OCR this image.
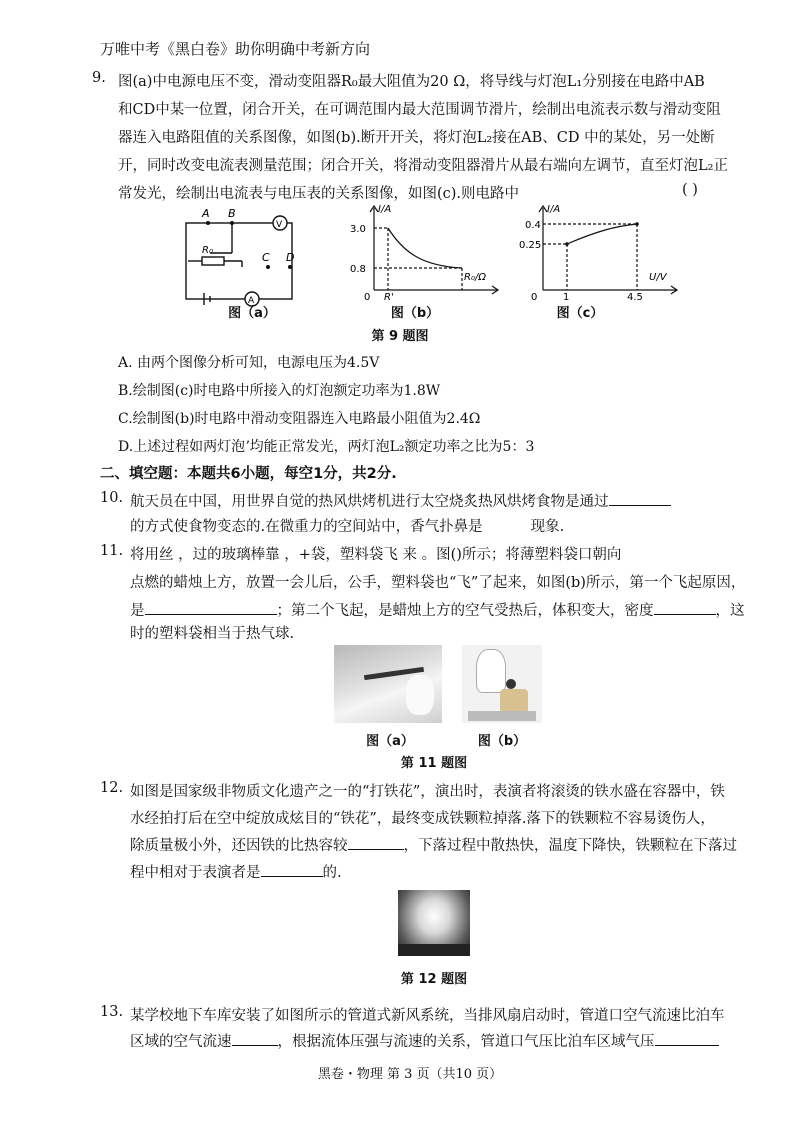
万唯中考《黑白卷》助你明确中考新方向
9. 图(a)中电源电压不变，滑动变阻器R₀最大阻值为20 Ω，将导线与灯泡L₁分别接在电路中AB
和CD中某一位置，闭合开关，在可调范围内最大范围调节滑片，绘制出电流表示数与滑动变阻
器连入电路阻值的关系图像，如图(b).断开开关，将灯泡L₂接在AB、CD 中的某处，另一处断
开，同时改变电流表测量范围；闭合开关，将滑动变阻器滑片从最右端向左调节，直至灯泡L₂正
常发光，绘制出电流表与电压表的关系图像，如图(c).则电路中	( )
A B
C D
R₀
V
A
图（a）
I/A
3.0
0.8
0 R'
R₀/Ω
图（b）
I/A
0.4
0.25
0	1	4.5
U/V
图（c）
第 9 题图
A. 由两个图像分析可知，电源电压为4.5V
B.绘制图(c)时电路中所接入的灯泡额定功率为1.8W
C.绘制图(b)时电路中滑动变阻器连入电路最小阻值为2.4Ω
D.上述过程如两灯泡ʼ均能正常发光，两灯泡L₂额定功率之比为5：3
二、填空题：本题共6小题，每空1分，共2分.
10. 航天员在中国，用世界自觉的热风烘烤机进行太空烧炙热风烘烤食物是通过
的方式使食物变态的.在微重力的空间站中，香气扑鼻是	现象.
11. 将用丝 ，过的玻璃棒靠 ，+袋，塑料袋飞 来 。图()所示；将薄塑料袋口朝向
点燃的蜡烛上方，放置一会儿后，公手，塑料袋也“飞”了起来，如图(b)所示，第一个飞起原因，
是	；第二个飞起，是蜡烛上方的空气受热后，体积变大，密度	，这
时的塑料袋相当于热气球.
图（a）	图（b）
第 11 题图
12. 如图是国家级非物质文化遗产之一的“打铁花”，演出时，表演者将滚烫的铁水盛在容器中，铁
水经拍打后在空中绽放成炫目的“铁花”，最终变成铁颗粒掉落.落下的铁颗粒不容易烫伤人，
除质量极小外，还因铁的比热容较	，下落过程中散热快，温度下降快，铁颗粒在下落过
程中相对于表演者是	的.
第 12 题图
13. 某学校地下车库安装了如图所示的管道式新风系统，当排风扇启动时，管道口空气流速比泊车
区域的空气流速	，根据流体压强与流速的关系，管道口气压比泊车区域气压
黑卷・物理 第 3 页（共10 页）
